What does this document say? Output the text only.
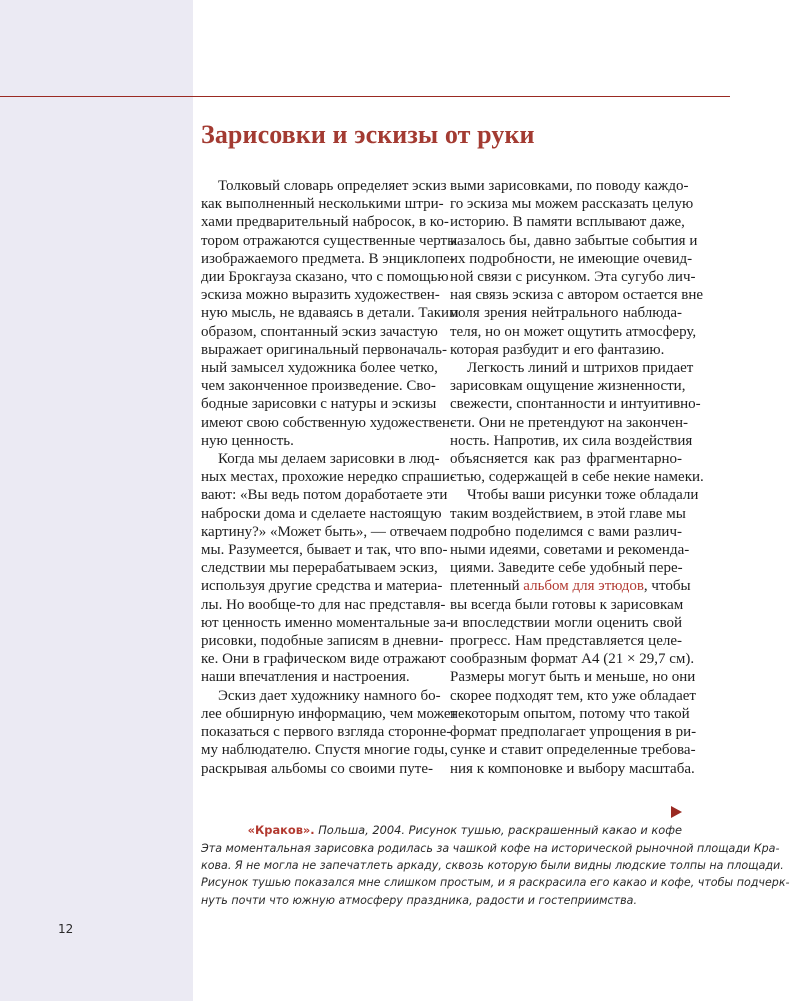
Зарисовки и эскизы от руки

Толковый словарь определяет эскиз
как выполненный несколькими штри-
хами предварительный набросок, в ко-
тором отражаются существенные черты
изображаемого предмета. В энциклопе-
дии Брокгауза сказано, что с помощью
эскиза можно выразить художествен-
ную мысль, не вдаваясь в детали. Таким
образом, спонтанный эскиз зачастую
выражает оригинальный первоначаль-
ный замысел художника более четко,
чем законченное произведение. Сво-
бодные зарисовки с натуры и эскизы
имеют свою собственную художествен-
ную ценность.

Когда мы делаем зарисовки в люд-
ных местах, прохожие нередко спраши-
вают: «Вы ведь потом доработаете эти
наброски дома и сделаете настоящую
картину?» «Может быть», — отвечаем
мы. Разумеется, бывает и так, что впо-
следствии мы перерабатываем эскиз,
используя другие средства и материа-
лы. Но вообще-то для нас представля-
ют ценность именно моментальные за-
рисовки, подобные записям в дневни-
ке. Они в графическом виде отражают
наши впечатления и настроения.

Эскиз дает художнику намного бо-
лее обширную информацию, чем может
показаться с первого взгляда стороннe-
му наблюдателю. Спустя многие годы,
раскрывая альбомы со своими путе-

выми зарисовками, по поводу каждо-
го эскиза мы можем рассказать целую
историю. В памяти всплывают даже,
казалось бы, давно забытые события и
их подробности, не имеющие очевид-
ной связи с рисунком. Эта сугубо лич-
ная связь эскиза с автором остается вне
поля зрения нейтрального наблюда-
теля, но он может ощутить атмосферу,
которая разбудит и его фантазию.

Легкость линий и штрихов придает
зарисовкам ощущение жизненности,
свежести, спонтанности и интуитивно-
сти. Они не претендуют на закончен-
ность. Напротив, их сила воздействия
объясняется как раз фрагментарно-
стью, содержащей в себе некие намеки.

Чтобы ваши рисунки тоже обладали
таким воздействием, в этой главе мы
подробно поделимся с вами различ-
ными идеями, советами и рекоменда-
циями. Заведите себе удобный пере-
плетенный альбом для этюдов, чтобы
вы всегда были готовы к зарисовкам
и впоследствии могли оценить свой
прогресс. Нам представляется целе-
сообразным формат А4 (21 × 29,7 см).
Размеры могут быть и меньше, но они
скорее подходят тем, кто уже обладает
некоторым опытом, потому что такой
формат предполагает упрощения в ри-
сунке и ставит определенные требова-
ния к компоновке и выбору масштаба.

«Краков». Польша, 2004. Рисунок тушью, раскрашенный какао и кофе
Эта моментальная зарисовка родилась за чашкой кофе на исторической рыночной площади Кра-
кова. Я не могла не запечатлеть аркаду, сквозь которую были видны людские толпы на площади.
Рисунок тушью показался мне слишком простым, и я раскрасила его какао и кофе, чтобы подчерк-
нуть почти что южную атмосферу праздника, радости и гостеприимства.
12
